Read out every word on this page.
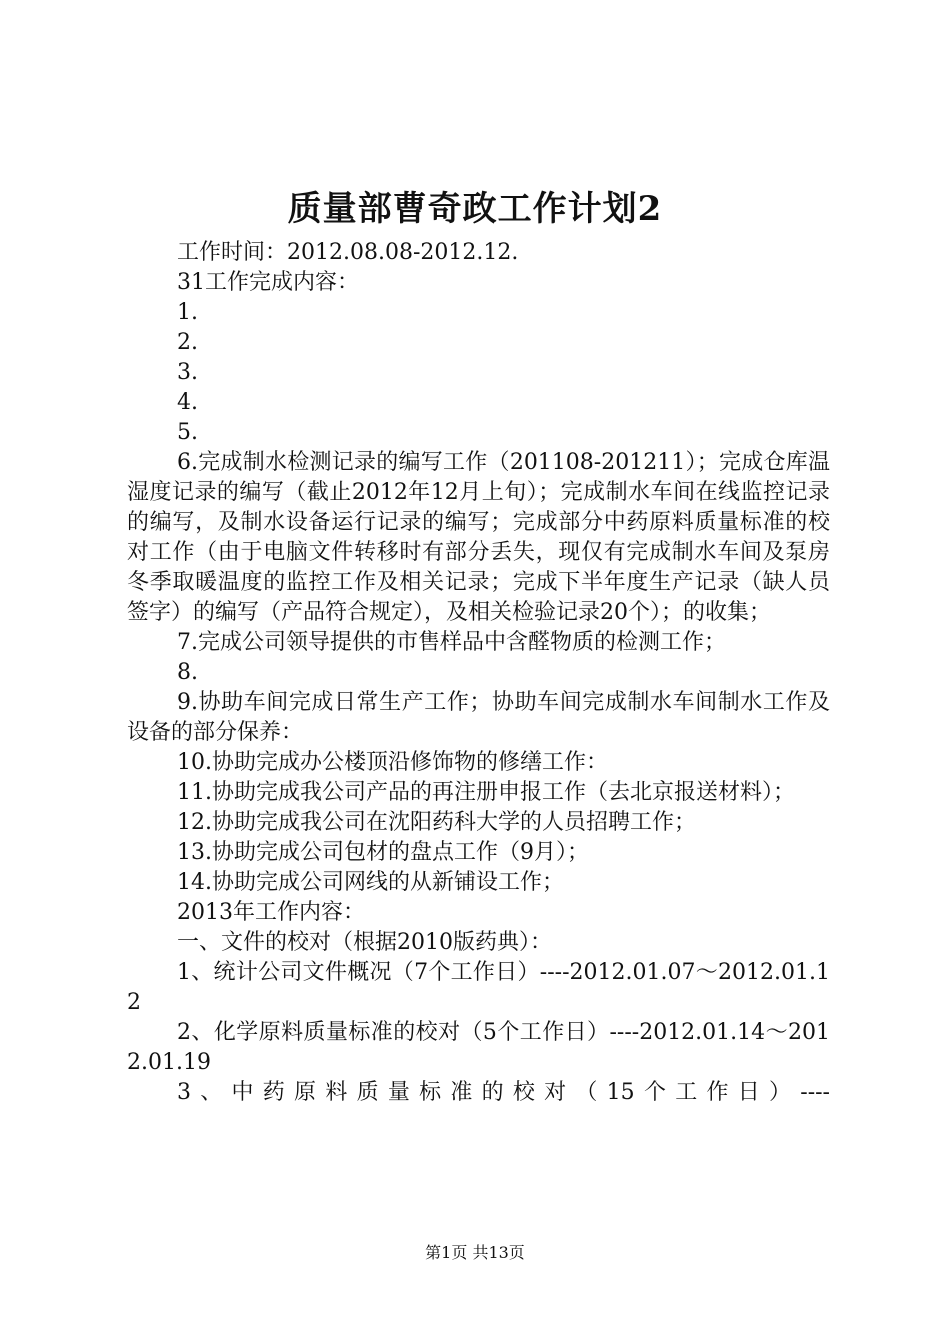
质量部曹奇政工作计划2

工作时间：2012.08.08-2012.12.

31工作完成内容：

1.

2.

3.

4.

5.

6.完成制水检测记录的编写工作（201108-201211）；完成仓库温湿度记录的编写（截止2012年12月上旬）；完成制水车间在线监控记录的编写，及制水设备运行记录的编写；完成部分中药原料质量标准的校对工作（由于电脑文件转移时有部分丢失，现仅有完成制水车间及泵房冬季取暖温度的监控工作及相关记录；完成下半年度生产记录（缺人员签字）的编写（产品符合规定），及相关检验记录20个）；的收集；

7.完成公司领导提供的市售样品中含醛物质的检测工作；

8.

9.协助车间完成日常生产工作；协助车间完成制水车间制水工作及设备的部分保养：

10.协助完成办公楼顶沿修饰物的修缮工作：

11.协助完成我公司产品的再注册申报工作（去北京报送材料）；

12.协助完成我公司在沈阳药科大学的人员招聘工作；

13.协助完成公司包材的盘点工作（9月）；

14.协助完成公司网线的从新铺设工作；

2013年工作内容：

一、文件的校对（根据2010版药典）：

1、统计公司文件概况（7个工作日）----2012.01.07～2012.01.12

2、化学原料质量标准的校对（5个工作日）----2012.01.14～2012.01.19

3、中药原料质量标准的校对（15个工作日）----

第1页 共13页
